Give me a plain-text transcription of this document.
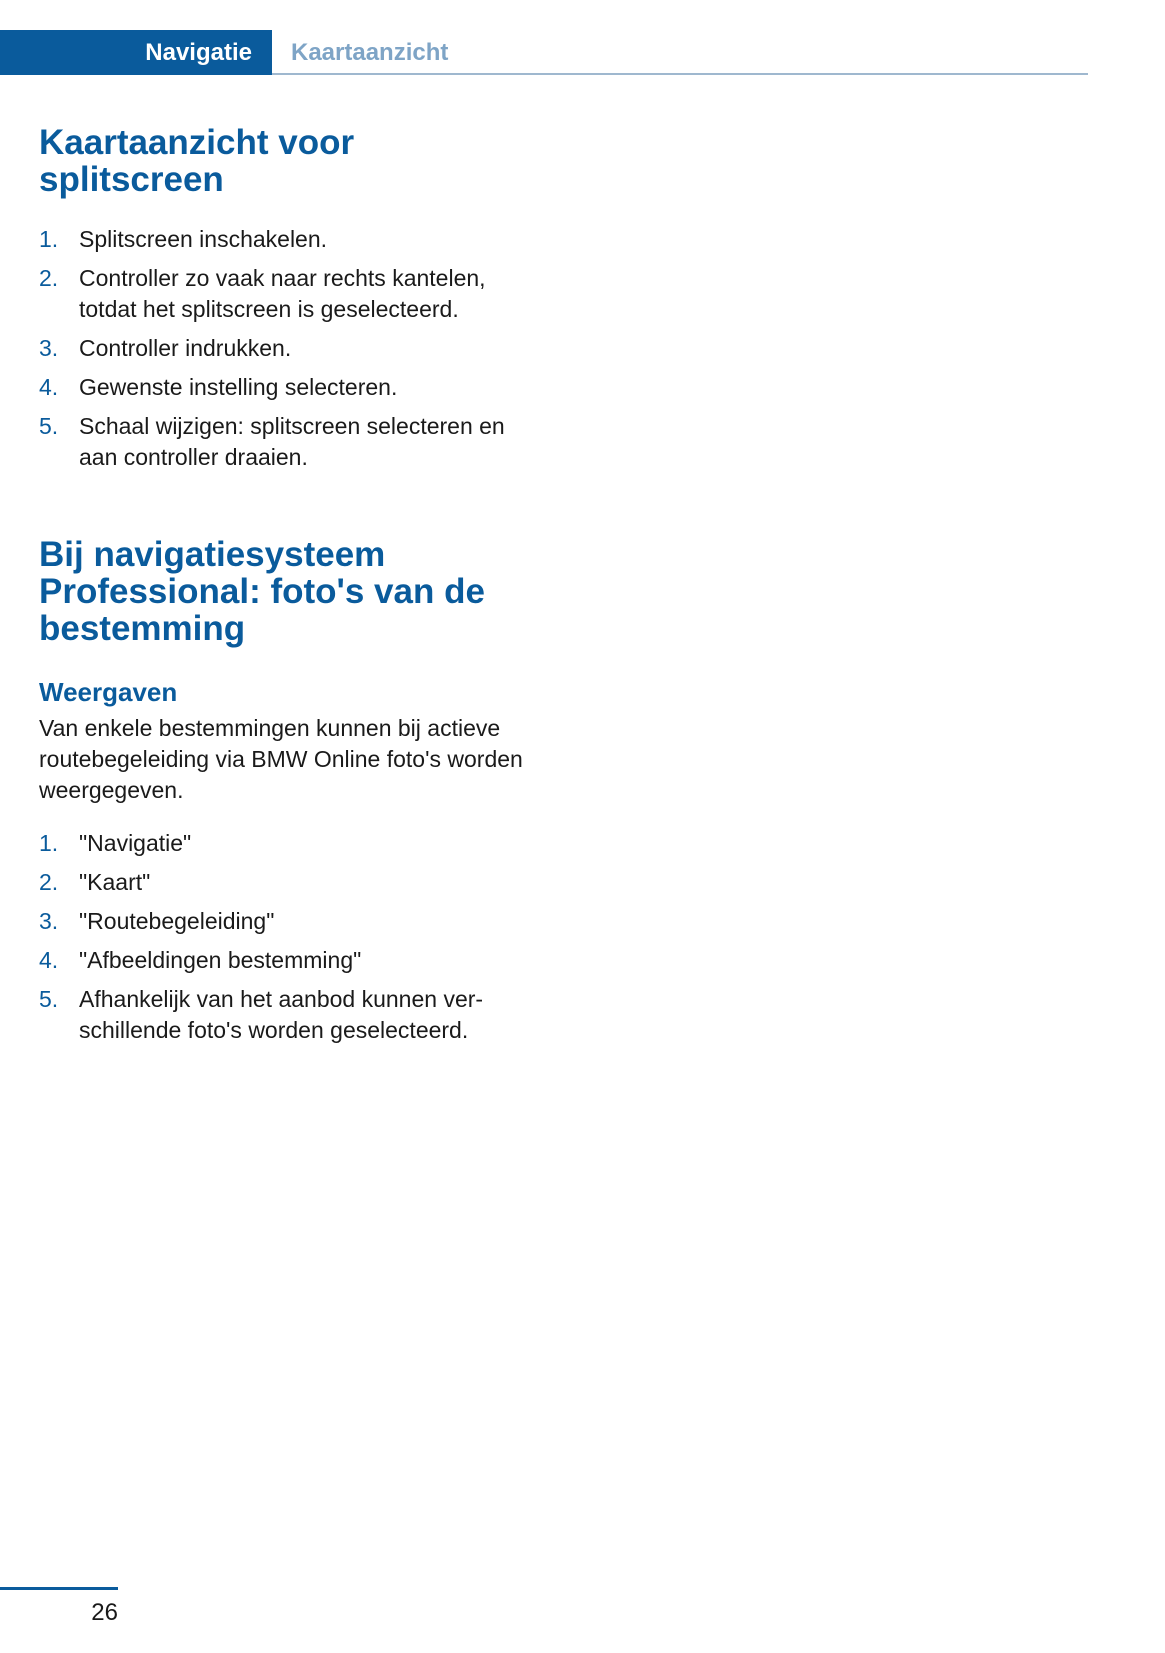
Navigatie Kaartaanzicht
Kaartaanzicht voor splitscreen
1. Splitscreen inschakelen.
2. Controller zo vaak naar rechts kantelen, totdat het splitscreen is geselecteerd.
3. Controller indrukken.
4. Gewenste instelling selecteren.
5. Schaal wijzigen: splitscreen selecteren en aan controller draaien.
Bij navigatiesysteem Professional: foto's van de bestemming
Weergaven

Van enkele bestemmingen kunnen bij actieve routebegeleiding via BMW Online foto's worden weergegeven.

1. "Navigatie"
2. "Kaart"
3. "Routebegeleiding"
4. "Afbeeldingen bestemming"
5. Afhankelijk van het aanbod kunnen verschillende foto's worden geselecteerd.
26
